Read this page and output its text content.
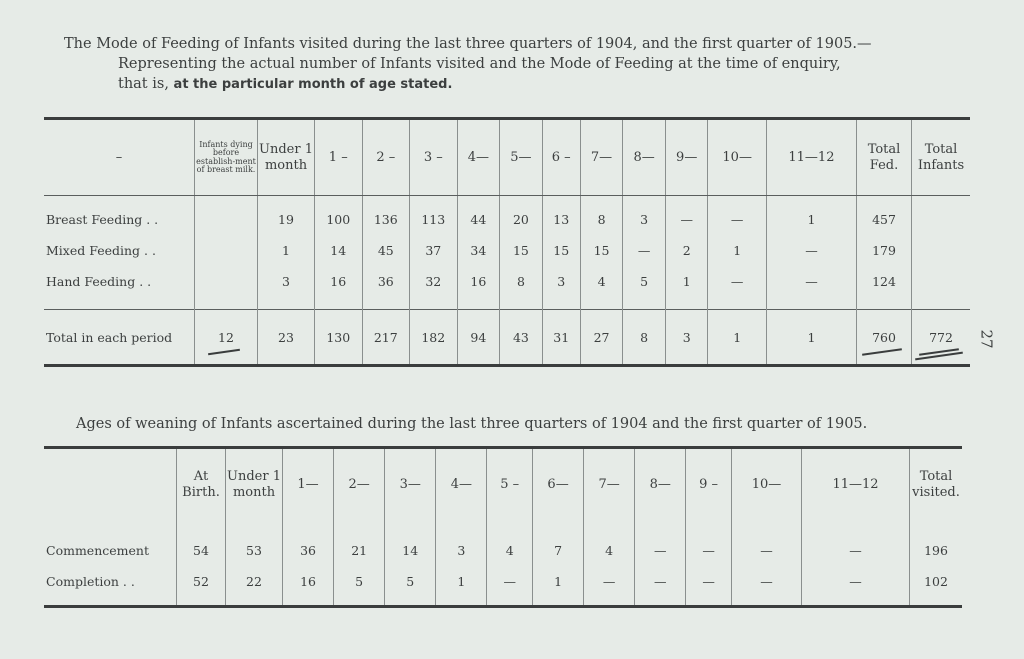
The Mode of Feeding of Infants visited during the last three quarters of 1904, and the first quarter of 1905.—
Representing the actual number of Infants visited and the Mode of Feeding at the time of enquiry,
that is, at the particular month of age stated.
–	Infants dying before establish-ment of breast milk.	Under 1 month	1 –	2 –	3 –	4—	5—	6 –	7—	8—	9—	10—	11—12	Total Fed.	Total Infants
Breast Feeding . .		19	100	136	113	44	20	13	8	3	—	—	1	457	
Mixed Feeding . .		1	14	45	37	34	15	15	15	—	2	1	—	179	
Hand Feeding . .		3	16	36	32	16	8	3	4	5	1	—	—	124	

Total in each period	12	23	130	217	182	94	43	31	27	8	3	1	1	760	772 27
Ages of weaning of Infants ascertained during the last three quarters of 1904 and the first quarter of 1905.
	At Birth.	Under 1 month	1—	2—	3—	4—	5 –	6—	7—	8—	9 –	10—	11—12	Total visited.
Commencement	54	53	36	21	14	3	4	7	4	—	—	—	—	196
Completion . .	52	22	16	5	5	1	—	1	—	—	—	—	—	102
